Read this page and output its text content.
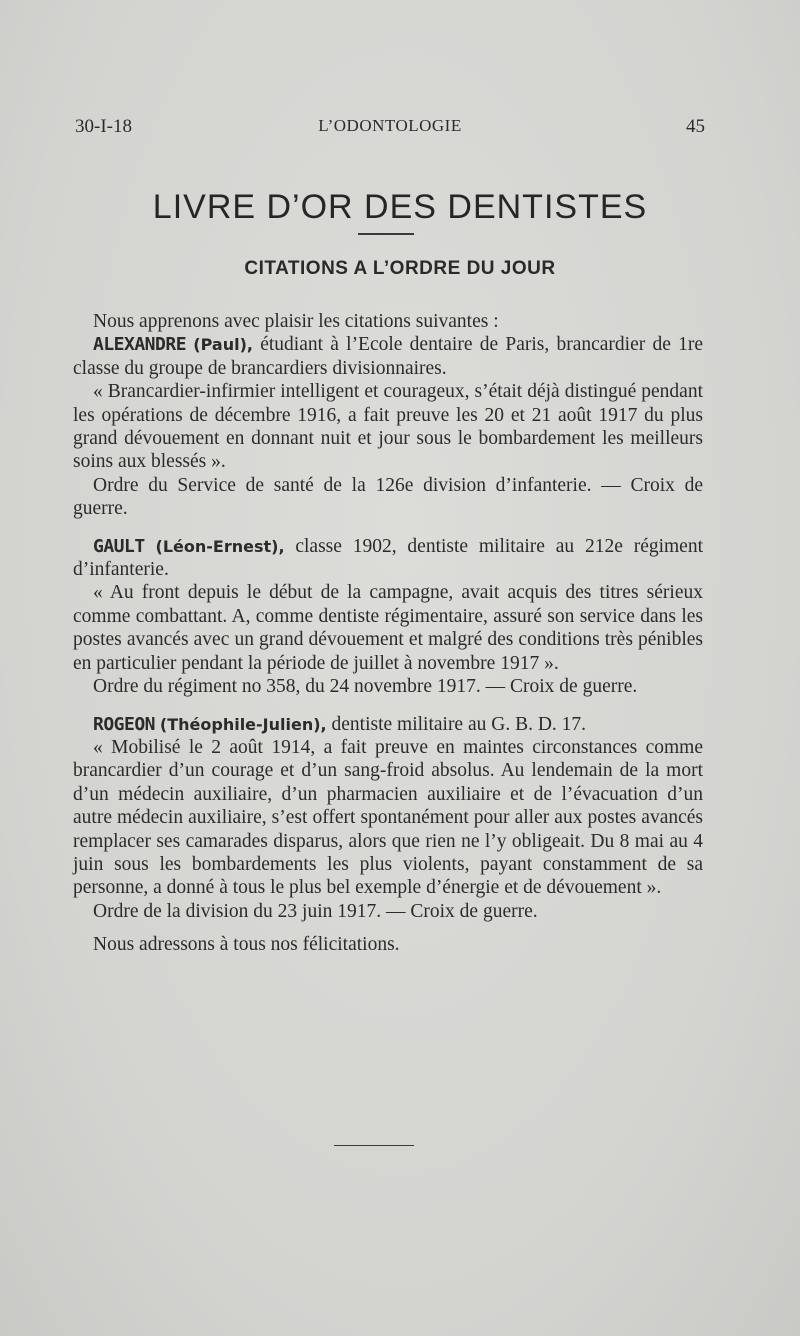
30-I-18	L’ODONTOLOGIE	45
LIVRE D’OR DES DENTISTES
CITATIONS A L’ORDRE DU JOUR

Nous apprenons avec plaisir les citations suivantes :

ALEXANDRE (Paul), étudiant à l’Ecole dentaire de Paris, brancardier de 1re classe du groupe de brancardiers divisionnaires.

« Brancardier-infirmier intelligent et courageux, s’était déjà distingué pendant les opérations de décembre 1916, a fait preuve les 20 et 21 août 1917 du plus grand dévouement en donnant nuit et jour sous le bombardement les meilleurs soins aux blessés ».

Ordre du Service de santé de la 126e division d’infanterie. — Croix de guerre.

GAULT (Léon-Ernest), classe 1902, dentiste militaire au 212e régiment d’infanterie.

« Au front depuis le début de la campagne, avait acquis des titres sérieux comme combattant. A, comme dentiste régimentaire, assuré son service dans les postes avancés avec un grand dévouement et malgré des conditions très pénibles en particulier pendant la période de juillet à novembre 1917 ».

Ordre du régiment no 358, du 24 novembre 1917. — Croix de guerre.

ROGEON (Théophile-Julien), dentiste militaire au G. B. D. 17.

« Mobilisé le 2 août 1914, a fait preuve en maintes circonstances comme brancardier d’un courage et d’un sang-froid absolus. Au lendemain de la mort d’un médecin auxiliaire, d’un pharmacien auxiliaire et de l’évacuation d’un autre médecin auxiliaire, s’est offert spontanément pour aller aux postes avancés remplacer ses camarades disparus, alors que rien ne l’y obligeait. Du 8 mai au 4 juin sous les bombardements les plus violents, payant constamment de sa personne, a donné à tous le plus bel exemple d’énergie et de dévouement ».

Ordre de la division du 23 juin 1917. — Croix de guerre.

Nous adressons à tous nos félicitations.
